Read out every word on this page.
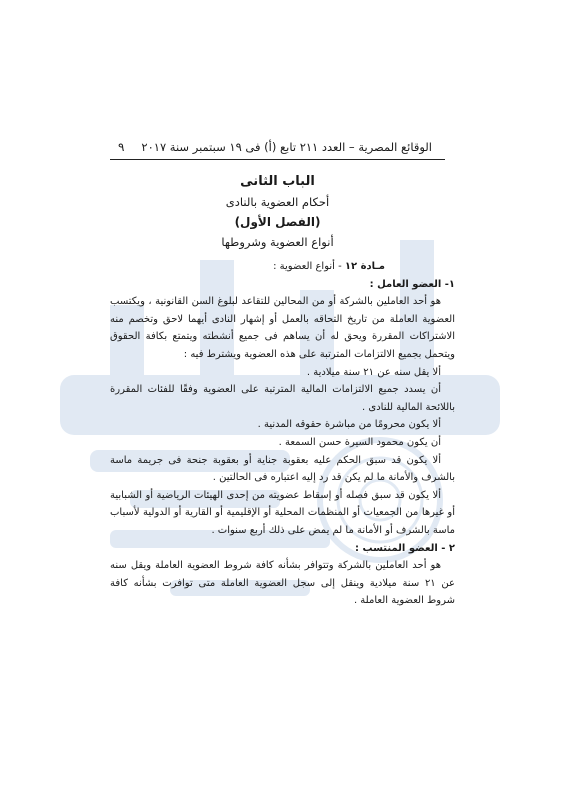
الوقائع المصرية – العدد ٢١١ تابع (أ) فى ١٩ سبتمبر سنة ٢٠١٧
٩
الباب الثانى
أحكام العضوية بالنادى
(الفصل الأول)
أنواع العضوية وشروطها

مـادة ١٢ - أنواع العضوية :

١- العضو العامل :

هو أحد العاملين بالشركة أو من المحالين للتقاعد لبلوغ السن القانونية ، ويكتسب العضوية العاملة من تاريخ التحاقه بالعمل أو إشهار النادى أيهما لاحق وتخصم منه الاشتراكات المقررة ويحق له أن يساهم فى جميع أنشطته ويتمتع بكافة الحقوق ويتحمل بجميع الالتزامات المترتبة على هذه العضوية ويشترط فيه :

ألا يقل سنه عن ٢١ سنة ميلادية .

أن يسدد جميع الالتزامات المالية المترتبة على العضوية وفقًا للفئات المقررة باللائحة المالية للنادى .

ألا يكون محرومًا من مباشرة حقوقه المدنية .

أن يكون محمود السيرة حسن السمعة .

ألا يكون قد سبق الحكم عليه بعقوبة جناية أو بعقوبة جنحة فى جريمة ماسة بالشرف والأمانة ما لم يكن قد رد إليه اعتباره فى الحالتين .

ألا يكون قد سبق فصله أو إسقاط عضويته من إحدى الهيئات الرياضية أو الشبابية أو غيرها من الجمعيات أو المنظمات المحلية أو الإقليمية أو القارية أو الدولية لأسباب ماسة بالشرف أو الأمانة ما لم يمض على ذلك أربع سنوات .

٢ - العضو المنتسب :

هو أحد العاملين بالشركة وتتوافر بشأنه كافة شروط العضوية العاملة ويقل سنه عن ٢١ سنة ميلادية وينقل إلى سجل العضوية العاملة متى توافرت بشأنه كافة شروط العضوية العاملة .
